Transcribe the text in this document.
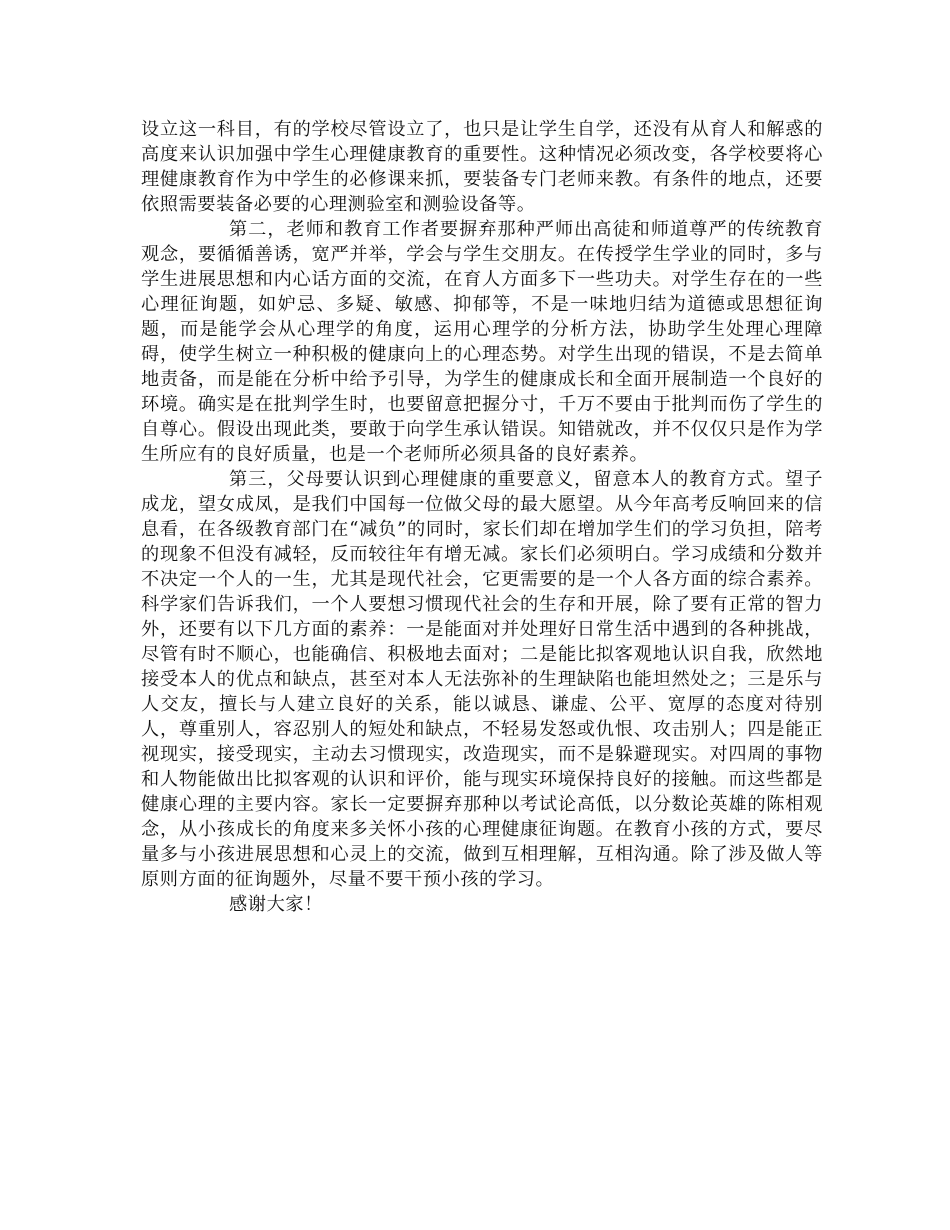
设立这一科目，有的学校尽管设立了，也只是让学生自学，还没有从育人和解惑的高度来认识加强中学生心理健康教育的重要性。这种情况必须改变，各学校要将心理健康教育作为中学生的必修课来抓，要装备专门老师来教。有条件的地点，还要依照需要装备必要的心理测验室和测验设备等。

第二，老师和教育工作者要摒弃那种严师出高徒和师道尊严的传统教育观念，要循循善诱，宽严并举，学会与学生交朋友。在传授学生学业的同时，多与学生进展思想和内心话方面的交流，在育人方面多下一些功夫。对学生存在的一些心理征询题，如妒忌、多疑、敏感、抑郁等，不是一味地归结为道德或思想征询题，而是能学会从心理学的角度，运用心理学的分析方法，协助学生处理心理障碍，使学生树立一种积极的健康向上的心理态势。对学生出现的错误，不是去简单地责备，而是能在分析中给予引导，为学生的健康成长和全面开展制造一个良好的环境。确实是在批判学生时，也要留意把握分寸，千万不要由于批判而伤了学生的自尊心。假设出现此类，要敢于向学生承认错误。知错就改，并不仅仅只是作为学生所应有的良好质量，也是一个老师所必须具备的良好素养。

第三，父母要认识到心理健康的重要意义，留意本人的教育方式。望子成龙，望女成凤，是我们中国每一位做父母的最大愿望。从今年高考反响回来的信息看，在各级教育部门在“减负”的同时，家长们却在增加学生们的学习负担，陪考的现象不但没有减轻，反而较往年有增无减。家长们必须明白。学习成绩和分数并不决定一个人的一生，尤其是现代社会，它更需要的是一个人各方面的综合素养。科学家们告诉我们，一个人要想习惯现代社会的生存和开展，除了要有正常的智力外，还要有以下几方面的素养：一是能面对并处理好日常生活中遇到的各种挑战，尽管有时不顺心，也能确信、积极地去面对；二是能比拟客观地认识自我，欣然地接受本人的优点和缺点，甚至对本人无法弥补的生理缺陷也能坦然处之；三是乐与人交友，擅长与人建立良好的关系，能以诚恳、谦虚、公平、宽厚的态度对待别人，尊重别人，容忍别人的短处和缺点，不轻易发怒或仇恨、攻击别人；四是能正视现实，接受现实，主动去习惯现实，改造现实，而不是躲避现实。对四周的事物和人物能做出比拟客观的认识和评价，能与现实环境保持良好的接触。而这些都是健康心理的主要内容。家长一定要摒弃那种以考试论高低，以分数论英雄的陈相观念，从小孩成长的角度来多关怀小孩的心理健康征询题。在教育小孩的方式，要尽量多与小孩进展思想和心灵上的交流，做到互相理解，互相沟通。除了涉及做人等原则方面的征询题外，尽量不要干预小孩的学习。

感谢大家！
